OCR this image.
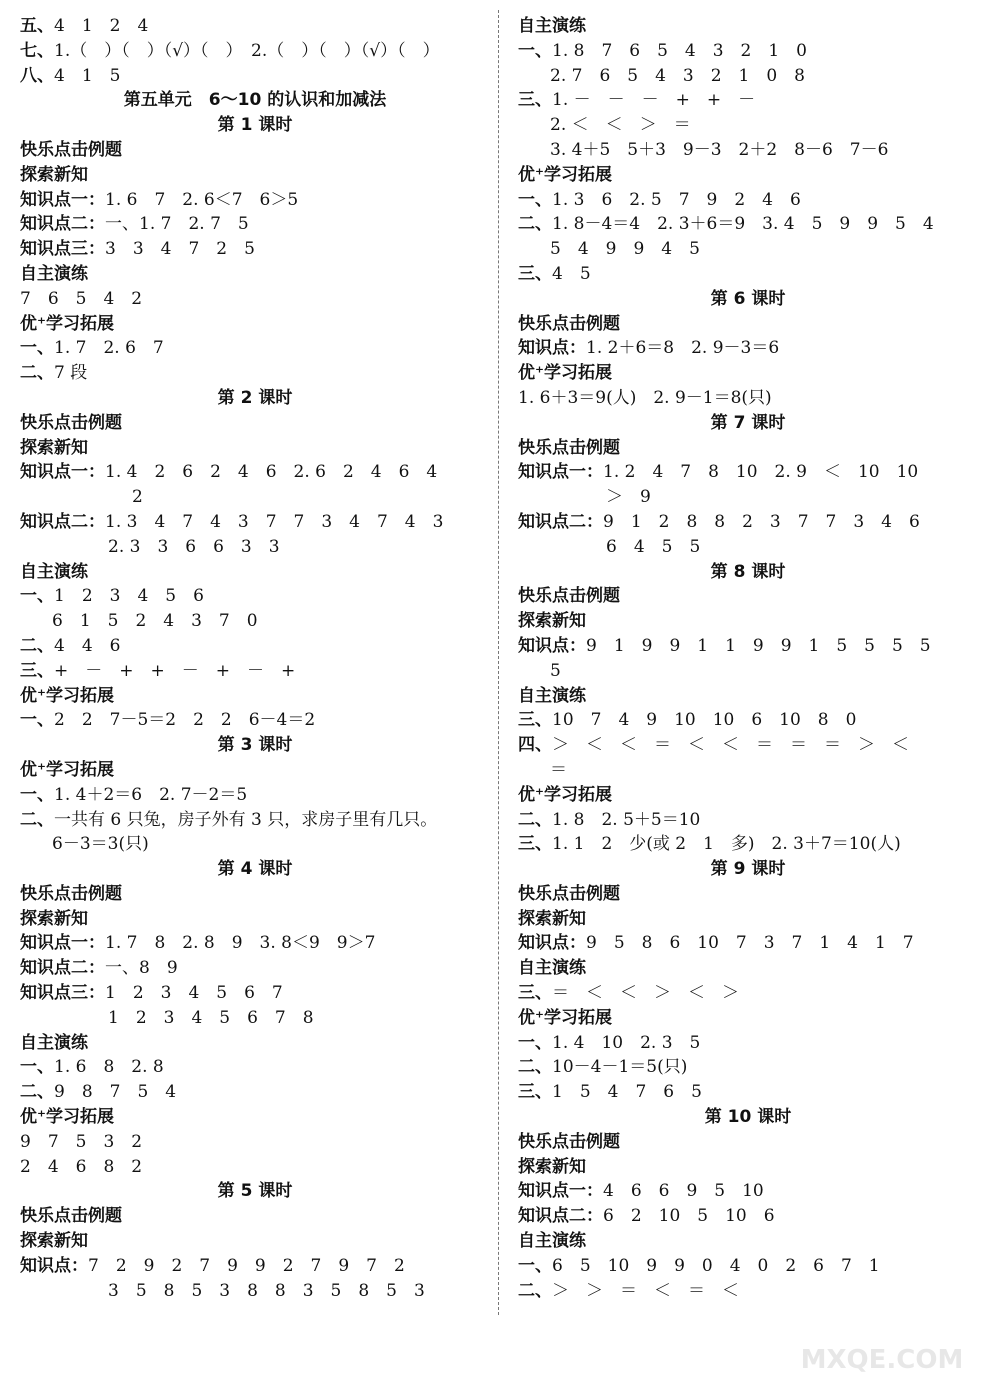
五、4　1　2　4
七、1.（　）（　）（√）（　）　2.（　）（　）（√）（　）
八、4　1　5
第五单元　6～10 的认识和加减法
第 1 课时
快乐点击例题
探索新知
知识点一：1. 6　7　2. 6＜7　6＞5
知识点二：一、1. 7　2. 7　5
知识点三：3　3　4　7　2　5
自主演练
7　6　5　4　2
优⁺学习拓展
一、1. 7　2. 6　7
二、7 段
第 2 课时
快乐点击例题
探索新知
知识点一：1. 4　2　6　2　4　6　2. 6　2　4　6　4
2
知识点二：1. 3　4　7　4　3　7　7　3　4　7　4　3
2. 3　3　6　6　3　3
自主演练
一、1　2　3　4　5　6
6　1　5　2　4　3　7　0
二、4　4　6
三、+　－　+　+　－　+　－　+
优⁺学习拓展
一、2　2　7－5＝2　2　2　6－4＝2
第 3 课时
优⁺学习拓展
一、1. 4＋2＝6　2. 7－2＝5
二、一共有 6 只兔，房子外有 3 只，求房子里有几只。
6－3＝3(只)
第 4 课时
快乐点击例题
探索新知
知识点一：1. 7　8　2. 8　9　3. 8＜9　9＞7
知识点二：一、8　9
知识点三：1　2　3　4　5　6　7
1　2　3　4　5　6　7　8
自主演练
一、1. 6　8　2. 8
二、9　8　7　5　4
优⁺学习拓展
9　7　5　3　2
2　4　6　8　2
第 5 课时
快乐点击例题
探索新知
知识点：7　2　9　2　7　9　9　2　7　9　7　2
3　5　8　5　3　8　8　3　5　8　5　3
自主演练
一、1. 8　7　6　5　4　3　2　1　0
2. 7　6　5　4　3　2　1　0　8
三、1. －　－　－　+　+　－
2. ＜　＜　＞　＝
3. 4＋5　5＋3　9－3　2＋2　8－6　7－6
优⁺学习拓展
一、1. 3　6　2. 5　7　9　2　4　6
二、1. 8－4＝4　2. 3＋6＝9　3. 4　5　9　9　5　4
5　4　9　9　4　5
三、4　5
第 6 课时
快乐点击例题
知识点：1. 2＋6＝8　2. 9－3＝6
优⁺学习拓展
1. 6＋3＝9(人)　2. 9－1＝8(只)
第 7 课时
快乐点击例题
知识点一：1. 2　4　7　8　10　2. 9　＜　10　10
＞　9
知识点二：9　1　2　8　8　2　3　7　7　3　4　6
6　4　5　5
第 8 课时
快乐点击例题
探索新知
知识点：9　1　9　9　1　1　9　9　1　5　5　5　5
5
自主演练
三、10　7　4　9　10　10　6　10　8　0
四、＞　＜　＜　＝　＜　＜　＝　＝　＝　＞　＜
＝
优⁺学习拓展
二、1. 8　2. 5＋5＝10
三、1. 1　2　少(或 2　1　多)　2. 3＋7＝10(人)
第 9 课时
快乐点击例题
探索新知
知识点：9　5　8　6　10　7　3　7　1　4　1　7
自主演练
三、＝　＜　＜　＞　＜　＞
优⁺学习拓展
一、1. 4　10　2. 3　5
二、10－4－1＝5(只)
三、1　5　4　7　6　5
第 10 课时
快乐点击例题
探索新知
知识点一：4　6　6　9　5　10
知识点二：6　2　10　5　10　6
自主演练
一、6　5　10　9　9　0　4　0　2　6　7　1
二、＞　＞　＝　＜　＝　＜
MXQE.COM
